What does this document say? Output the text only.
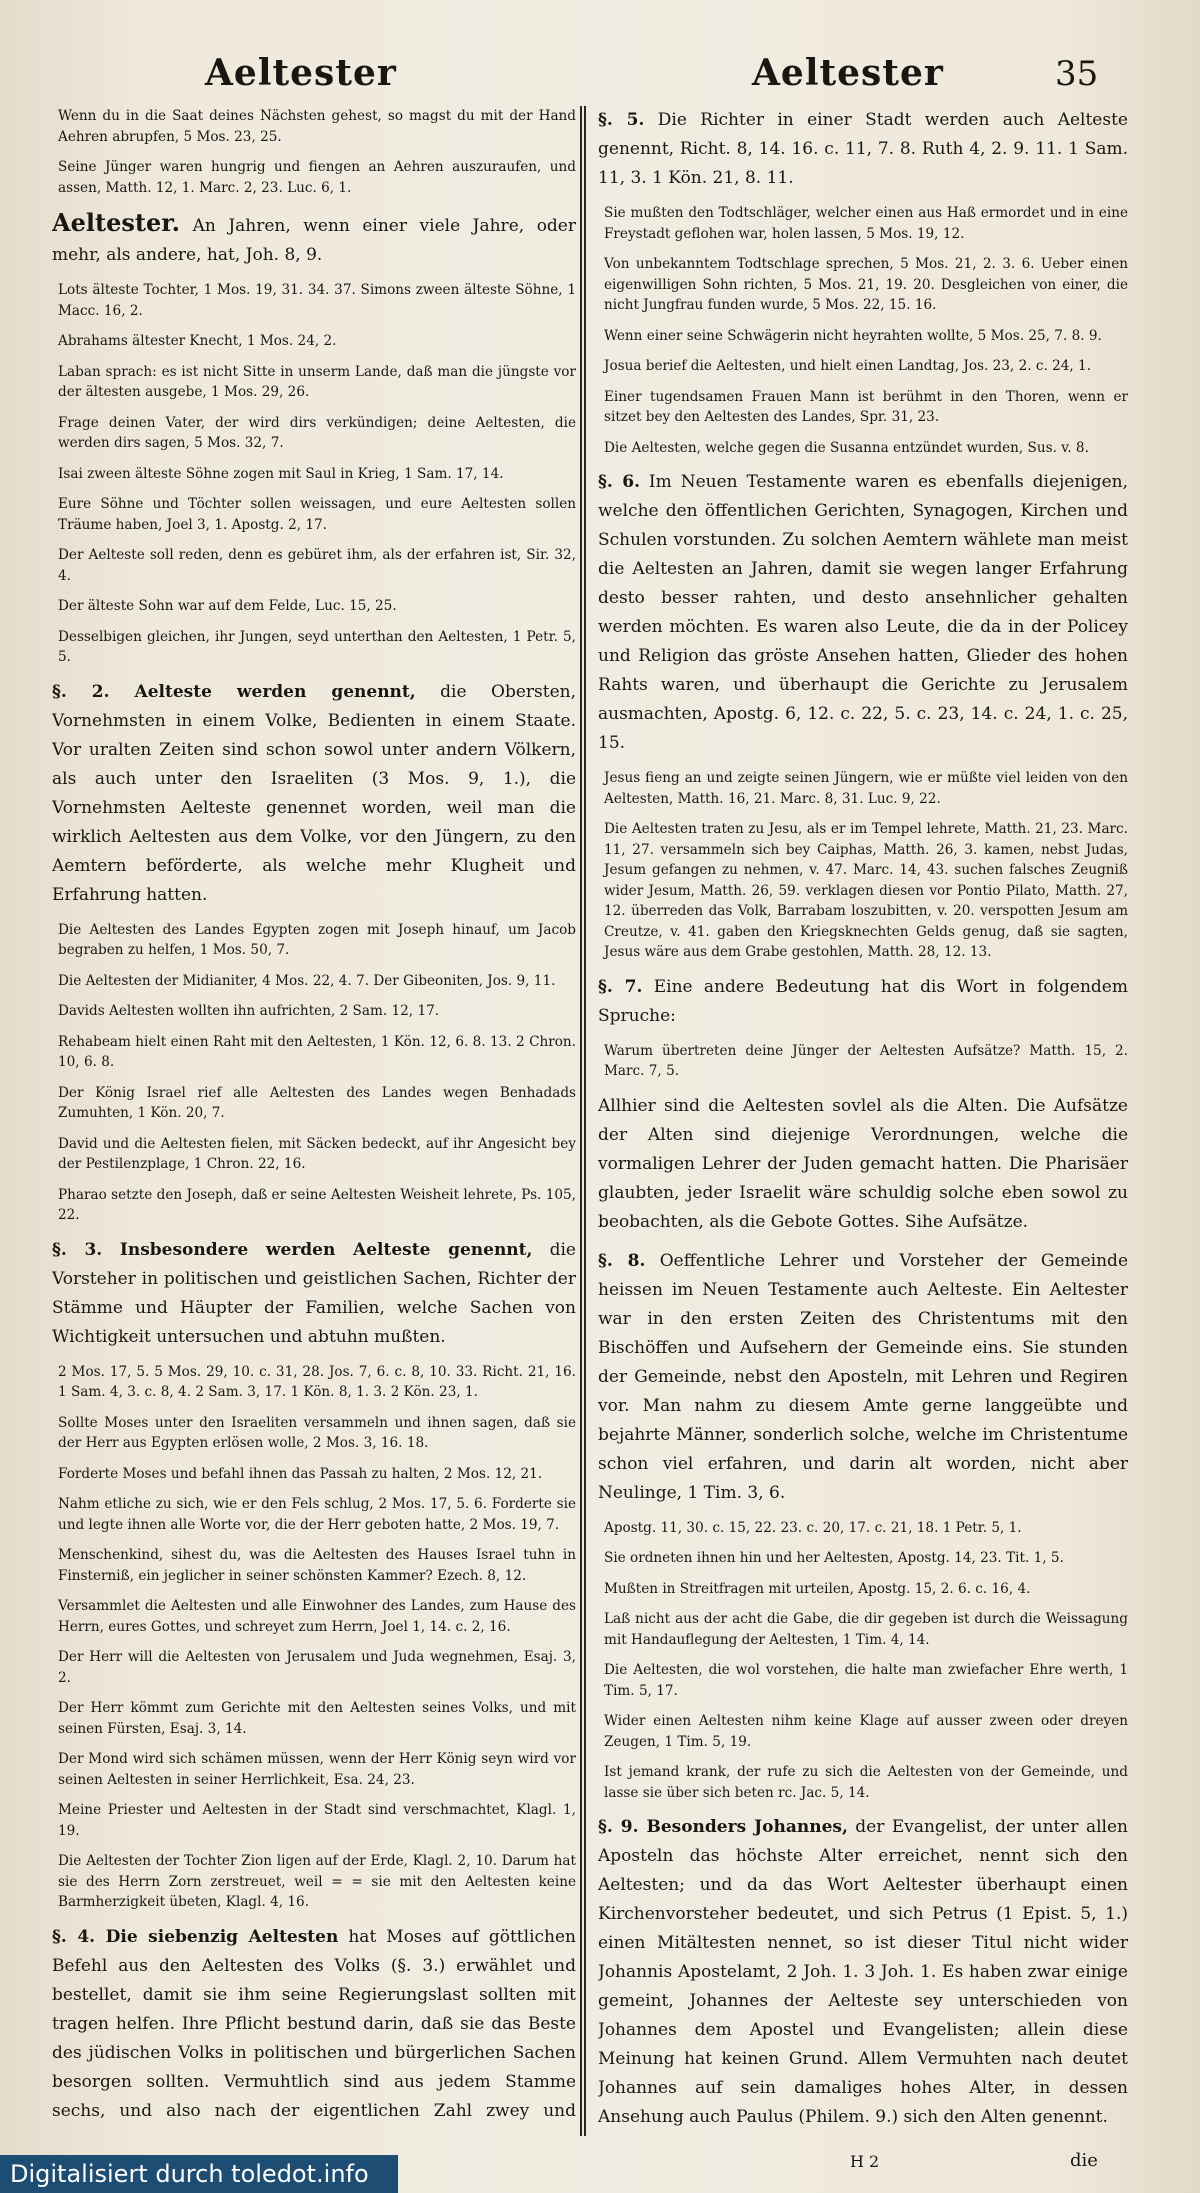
Aeltester	Aeltester	35

Wenn du in die Saat deines Nächsten gehest, so magst du mit der Hand Aehren abrupfen, 5 Mos. 23, 25.

Seine Jünger waren hungrig und fiengen an Aehren auszuraufen, und assen, Matth. 12, 1. Marc. 2, 23. Luc. 6, 1.

Aeltester. An Jahren, wenn einer viele Jahre, oder mehr, als andere, hat, Joh. 8, 9.

Lots älteste Tochter, 1 Mos. 19, 31. 34. 37. Simons zween älteste Söhne, 1 Macc. 16, 2.

Abrahams ältester Knecht, 1 Mos. 24, 2.

Laban sprach: es ist nicht Sitte in unserm Lande, daß man die jüngste vor der ältesten ausgebe, 1 Mos. 29, 26.

Frage deinen Vater, der wird dirs verkündigen; deine Aeltesten, die werden dirs sagen, 5 Mos. 32, 7.

Isai zween älteste Söhne zogen mit Saul in Krieg, 1 Sam. 17, 14.

Eure Söhne und Töchter sollen weissagen, und eure Aeltesten sollen Träume haben, Joel 3, 1. Apostg. 2, 17.

Der Aelteste soll reden, denn es gebüret ihm, als der erfahren ist, Sir. 32, 4.

Der älteste Sohn war auf dem Felde, Luc. 15, 25.

Desselbigen gleichen, ihr Jungen, seyd unterthan den Aeltesten, 1 Petr. 5, 5.

§. 2. Aelteste werden genennt, die Obersten, Vornehmsten in einem Volke, Bedienten in einem Staate. Vor uralten Zeiten sind schon sowol unter andern Völkern, als auch unter den Israeliten (3 Mos. 9, 1.), die Vornehmsten Aelteste genennet worden, weil man die wirklich Aeltesten aus dem Volke, vor den Jüngern, zu den Aemtern beförderte, als welche mehr Klugheit und Erfahrung hatten.

Die Aeltesten des Landes Egypten zogen mit Joseph hinauf, um Jacob begraben zu helfen, 1 Mos. 50, 7.

Die Aeltesten der Midianiter, 4 Mos. 22, 4. 7. Der Gibeoniten, Jos. 9, 11.

Davids Aeltesten wollten ihn aufrichten, 2 Sam. 12, 17.

Rehabeam hielt einen Raht mit den Aeltesten, 1 Kön. 12, 6. 8. 13. 2 Chron. 10, 6. 8.

Der König Israel rief alle Aeltesten des Landes wegen Benhadads Zumuhten, 1 Kön. 20, 7.

David und die Aeltesten fielen, mit Säcken bedeckt, auf ihr Angesicht bey der Pestilenzplage, 1 Chron. 22, 16.

Pharao setzte den Joseph, daß er seine Aeltesten Weisheit lehrete, Ps. 105, 22.

§. 3. Insbesondere werden Aelteste genennt, die Vorsteher in politischen und geistlichen Sachen, Richter der Stämme und Häupter der Familien, welche Sachen von Wichtigkeit untersuchen und abtuhn mußten.

2 Mos. 17, 5. 5 Mos. 29, 10. c. 31, 28. Jos. 7, 6. c. 8, 10. 33. Richt. 21, 16. 1 Sam. 4, 3. c. 8, 4. 2 Sam. 3, 17. 1 Kön. 8, 1. 3. 2 Kön. 23, 1.

Sollte Moses unter den Israeliten versammeln und ihnen sagen, daß sie der Herr aus Egypten erlösen wolle, 2 Mos. 3, 16. 18.

Forderte Moses und befahl ihnen das Passah zu halten, 2 Mos. 12, 21.

Nahm etliche zu sich, wie er den Fels schlug, 2 Mos. 17, 5. 6. Forderte sie und legte ihnen alle Worte vor, die der Herr geboten hatte, 2 Mos. 19, 7.

Menschenkind, sihest du, was die Aeltesten des Hauses Israel tuhn in Finsterniß, ein jeglicher in seiner schönsten Kammer? Ezech. 8, 12.

Versammlet die Aeltesten und alle Einwohner des Landes, zum Hause des Herrn, eures Gottes, und schreyet zum Herrn, Joel 1, 14. c. 2, 16.

Der Herr will die Aeltesten von Jerusalem und Juda wegnehmen, Esaj. 3, 2.

Der Herr kömmt zum Gerichte mit den Aeltesten seines Volks, und mit seinen Fürsten, Esaj. 3, 14.

Der Mond wird sich schämen müssen, wenn der Herr König seyn wird vor seinen Aeltesten in seiner Herrlichkeit, Esa. 24, 23.

Meine Priester und Aeltesten in der Stadt sind verschmachtet, Klagl. 1, 19.

Die Aeltesten der Tochter Zion ligen auf der Erde, Klagl. 2, 10. Darum hat sie des Herrn Zorn zerstreuet, weil = = sie mit den Aeltesten keine Barmherzigkeit übeten, Klagl. 4, 16.

§. 4. Die siebenzig Aeltesten hat Moses auf göttlichen Befehl aus den Aeltesten des Volks (§. 3.) erwählet und bestellet, damit sie ihm seine Regierungslast sollten mit tragen helfen. Ihre Pflicht bestund darin, daß sie das Beste des jüdischen Volks in politischen und bürgerlichen Sachen besorgen sollten. Vermuhtlich sind aus jedem Stamme sechs, und also nach der eigentlichen Zahl zwey und

§. 5. Die Richter in einer Stadt werden auch Aelteste genennt, Richt. 8, 14. 16. c. 11, 7. 8. Ruth 4, 2. 9. 11. 1 Sam. 11, 3. 1 Kön. 21, 8. 11.

Sie mußten den Todtschläger, welcher einen aus Haß ermordet und in eine Freystadt geflohen war, holen lassen, 5 Mos. 19, 12.

Von unbekanntem Todtschlage sprechen, 5 Mos. 21, 2. 3. 6. Ueber einen eigenwilligen Sohn richten, 5 Mos. 21, 19. 20. Desgleichen von einer, die nicht Jungfrau funden wurde, 5 Mos. 22, 15. 16.

Wenn einer seine Schwägerin nicht heyrahten wollte, 5 Mos. 25, 7. 8. 9.

Josua berief die Aeltesten, und hielt einen Landtag, Jos. 23, 2. c. 24, 1.

Einer tugendsamen Frauen Mann ist berühmt in den Thoren, wenn er sitzet bey den Aeltesten des Landes, Spr. 31, 23.

Die Aeltesten, welche gegen die Susanna entzündet wurden, Sus. v. 8.

§. 6. Im Neuen Testamente waren es ebenfalls diejenigen, welche den öffentlichen Gerichten, Synagogen, Kirchen und Schulen vorstunden. Zu solchen Aemtern wählete man meist die Aeltesten an Jahren, damit sie wegen langer Erfahrung desto besser rahten, und desto ansehnlicher gehalten werden möchten. Es waren also Leute, die da in der Policey und Religion das gröste Ansehen hatten, Glieder des hohen Rahts waren, und überhaupt die Gerichte zu Jerusalem ausmachten, Apostg. 6, 12. c. 22, 5. c. 23, 14. c. 24, 1. c. 25, 15.

Jesus fieng an und zeigte seinen Jüngern, wie er müßte viel leiden von den Aeltesten, Matth. 16, 21. Marc. 8, 31. Luc. 9, 22.

Die Aeltesten traten zu Jesu, als er im Tempel lehrete, Matth. 21, 23. Marc. 11, 27. versammeln sich bey Caiphas, Matth. 26, 3. kamen, nebst Judas, Jesum gefangen zu nehmen, v. 47. Marc. 14, 43. suchen falsches Zeugniß wider Jesum, Matth. 26, 59. verklagen diesen vor Pontio Pilato, Matth. 27, 12. überreden das Volk, Barrabam loszubitten, v. 20. verspotten Jesum am Creutze, v. 41. gaben den Kriegsknechten Gelds genug, daß sie sagten, Jesus wäre aus dem Grabe gestohlen, Matth. 28, 12. 13.

§. 7. Eine andere Bedeutung hat dis Wort in folgendem Spruche:

Warum übertreten deine Jünger der Aeltesten Aufsätze? Matth. 15, 2. Marc. 7, 5.

Allhier sind die Aeltesten sovlel als die Alten. Die Aufsätze der Alten sind diejenige Verordnungen, welche die vormaligen Lehrer der Juden gemacht hatten. Die Pharisäer glaubten, jeder Israelit wäre schuldig solche eben sowol zu beobachten, als die Gebote Gottes. Sihe Aufsätze.

§. 8. Oeffentliche Lehrer und Vorsteher der Gemeinde heissen im Neuen Testamente auch Aelteste. Ein Aeltester war in den ersten Zeiten des Christentums mit den Bischöffen und Aufsehern der Gemeinde eins. Sie stunden der Gemeinde, nebst den Aposteln, mit Lehren und Regiren vor. Man nahm zu diesem Amte gerne langgeübte und bejahrte Männer, sonderlich solche, welche im Christentume schon viel erfahren, und darin alt worden, nicht aber Neulinge, 1 Tim. 3, 6.

Apostg. 11, 30. c. 15, 22. 23. c. 20, 17. c. 21, 18. 1 Petr. 5, 1.

Sie ordneten ihnen hin und her Aeltesten, Apostg. 14, 23. Tit. 1, 5.

Mußten in Streitfragen mit urteilen, Apostg. 15, 2. 6. c. 16, 4.

Laß nicht aus der acht die Gabe, die dir gegeben ist durch die Weissagung mit Handauflegung der Aeltesten, 1 Tim. 4, 14.

Die Aeltesten, die wol vorstehen, die halte man zwiefacher Ehre werth, 1 Tim. 5, 17.

Wider einen Aeltesten nihm keine Klage auf ausser zween oder dreyen Zeugen, 1 Tim. 5, 19.

Ist jemand krank, der rufe zu sich die Aeltesten von der Gemeinde, und lasse sie über sich beten rc. Jac. 5, 14.

§. 9. Besonders Johannes, der Evangelist, der unter allen Aposteln das höchste Alter erreichet, nennt sich den Aeltesten; und da das Wort Aeltester überhaupt einen Kirchenvorsteher bedeutet, und sich Petrus (1 Epist. 5, 1.) einen Mitältesten nennet, so ist dieser Titul nicht wider Johannis Apostelamt, 2 Joh. 1. 3 Joh. 1. Es haben zwar einige gemeint, Johannes der Aelteste sey unterschieden von Johannes dem Apostel und Evangelisten; allein diese Meinung hat keinen Grund. Allem Vermuhten nach deutet Johannes auf sein damaliges hohes Alter, in dessen Ansehung auch Paulus (Philem. 9.) sich den Alten genennt.

H 2	die
Digitalisiert durch toledot.info
